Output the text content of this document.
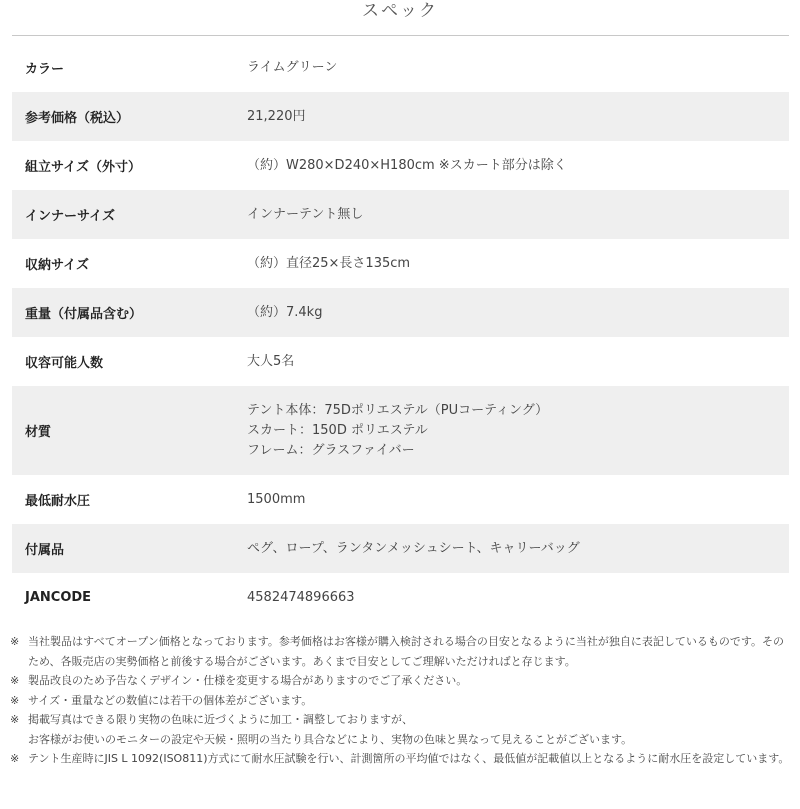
スペック
カラー	ライムグリーン

参考価格（税込）	21,220円

組立サイズ（外寸）	（約）W280×D240×H180cm ※スカート部分は除く

インナーサイズ	インナーテント無し

収納サイズ	（約）直径25×長さ135cm

重量（付属品含む）	（約）7.4kg

収容可能人数	大人5名

材質	テント本体：75Dポリエステル（PUコーティング）
スカート：150D ポリエステル
フレーム：グラスファイバー

最低耐水圧	1500mm

付属品	ペグ、ロープ、ランタンメッシュシート、キャリーバッグ

JANCODE	4582474896663
※ 当社製品はすべてオープン価格となっております。参考価格はお客様が購入検討される場合の目安となるように当社が独自に表記しているものです。そのため、各販売店の実勢価格と前後する場合がございます。あくまで目安としてご理解いただければと存じます。
※ 製品改良のため予告なくデザイン・仕様を変更する場合がありますのでご了承ください。
※ サイズ・重量などの数値には若干の個体差がございます。
※ 掲載写真はできる限り実物の色味に近づくように加工・調整しておりますが、
お客様がお使いのモニターの設定や天候・照明の当たり具合などにより、実物の色味と異なって見えることがございます。
※ テント生産時にJIS L 1092(ISO811)方式にて耐水圧試験を行い、計測箇所の平均値ではなく、最低値が記載値以上となるように耐水圧を設定しています。
